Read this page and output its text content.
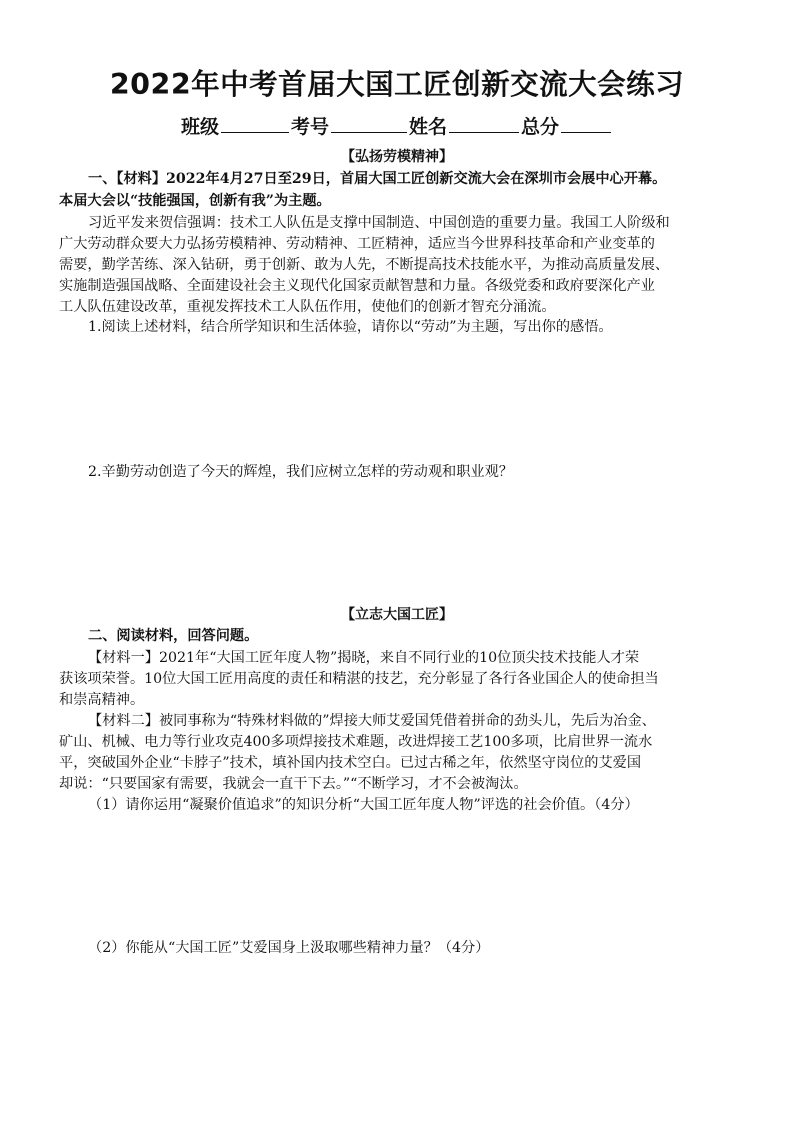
2022年中考首届大国工匠创新交流大会练习
班级	考号	姓名	总分
【弘扬劳模精神】
一、【材料】2022年4月27日至29日，首届大国工匠创新交流大会在深圳市会展中心开幕。
本届大会以“技能强国，创新有我”为主题。
习近平发来贺信强调：技术工人队伍是支撑中国制造、中国创造的重要力量。我国工人阶级和
广大劳动群众要大力弘扬劳模精神、劳动精神、工匠精神，适应当今世界科技革命和产业变革的
需要，勤学苦练、深入钻研，勇于创新、敢为人先，不断提高技术技能水平，为推动高质量发展、
实施制造强国战略、全面建设社会主义现代化国家贡献智慧和力量。各级党委和政府要深化产业
工人队伍建设改革，重视发挥技术工人队伍作用，使他们的创新才智充分涌流。
1.阅读上述材料，结合所学知识和生活体验，请你以“劳动”为主题，写出你的感悟。
2.辛勤劳动创造了今天的辉煌，我们应树立怎样的劳动观和职业观？
【立志大国工匠】
二、阅读材料，回答问题。
【材料一】2021年“大国工匠年度人物”揭晓，来自不同行业的10位顶尖技术技能人才荣
获该项荣誉。10位大国工匠用高度的责任和精湛的技艺，充分彰显了各行各业国企人的使命担当
和崇高精神。
【材料二】被同事称为“特殊材料做的”焊接大师艾爱国凭借着拼命的劲头儿，先后为冶金、
矿山、机械、电力等行业攻克400多项焊接技术难题，改进焊接工艺100多项，比肩世界一流水
平，突破国外企业“卡脖子”技术，填补国内技术空白。已过古稀之年，依然坚守岗位的艾爱国
却说：“只要国家有需要，我就会一直干下去。”“不断学习，才不会被淘汰。
（1）请你运用“凝聚价值追求”的知识分析“大国工匠年度人物”评选的社会价值。（4分）
（2）你能从“大国工匠”艾爱国身上汲取哪些精神力量？（4分）
